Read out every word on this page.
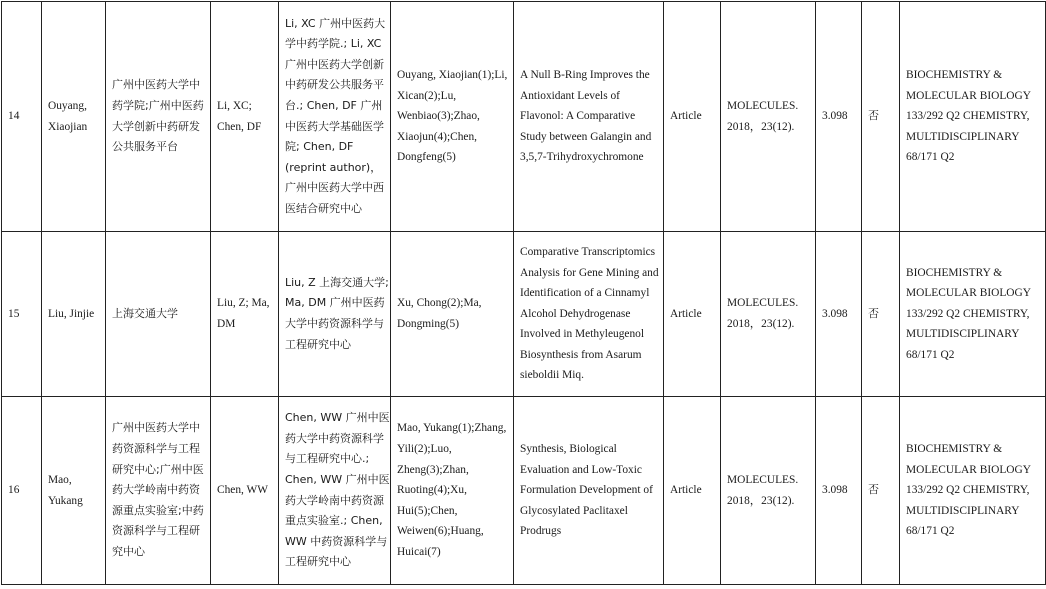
14	Ouyang, Xiaojian	广州中医药大学中药学院;广州中医药大学创新中药研发公共服务平台	Li, XC; Chen, DF	Li, XC 广州中医药大学中药学院.; Li, XC 广州中医药大学创新中药研发公共服务平台.; Chen, DF 广州中医药大学基础医学院; Chen, DF (reprint author)，广州中医药大学中西医结合研究中心	Ouyang, Xiaojian(1);Li, Xican(2);Lu, Wenbiao(3);Zhao, Xiaojun(4);Chen, Dongfeng(5)	A Null B-Ring Improves the Antioxidant Levels of Flavonol: A Comparative Study between Galangin and 3,5,7-Trihydroxychromone	Article	MOLECULES. 2018，23(12).	3.098	否	BIOCHEMISTRY & MOLECULAR BIOLOGY 133/292 Q2 CHEMISTRY, MULTIDISCIPLINARY 68/171 Q2
15	Liu, Jinjie	上海交通大学	Liu, Z; Ma, DM	Liu, Z 上海交通大学; Ma, DM 广州中医药大学中药资源科学与工程研究中心	Xu, Chong(2);Ma, Dongming(5)	Comparative Transcriptomics Analysis for Gene Mining and Identification of a Cinnamyl Alcohol Dehydrogenase Involved in Methyleugenol Biosynthesis from Asarum sieboldii Miq.	Article	MOLECULES. 2018，23(12).	3.098	否	BIOCHEMISTRY & MOLECULAR BIOLOGY 133/292 Q2 CHEMISTRY, MULTIDISCIPLINARY 68/171 Q2
16	Mao, Yukang	广州中医药大学中药资源科学与工程研究中心;广州中医药大学岭南中药资源重点实验室;中药资源科学与工程研究中心	Chen, WW	Chen, WW 广州中医药大学中药资源科学与工程研究中心.; Chen, WW 广州中医药大学岭南中药资源重点实验室.; Chen, WW 中药资源科学与工程研究中心	Mao, Yukang(1);Zhang, Yili(2);Luo, Zheng(3);Zhan, Ruoting(4);Xu, Hui(5);Chen, Weiwen(6);Huang, Huicai(7)	Synthesis, Biological Evaluation and Low-Toxic Formulation Development of Glycosylated Paclitaxel Prodrugs	Article	MOLECULES. 2018，23(12).	3.098	否	BIOCHEMISTRY & MOLECULAR BIOLOGY 133/292 Q2 CHEMISTRY, MULTIDISCIPLINARY 68/171 Q2
